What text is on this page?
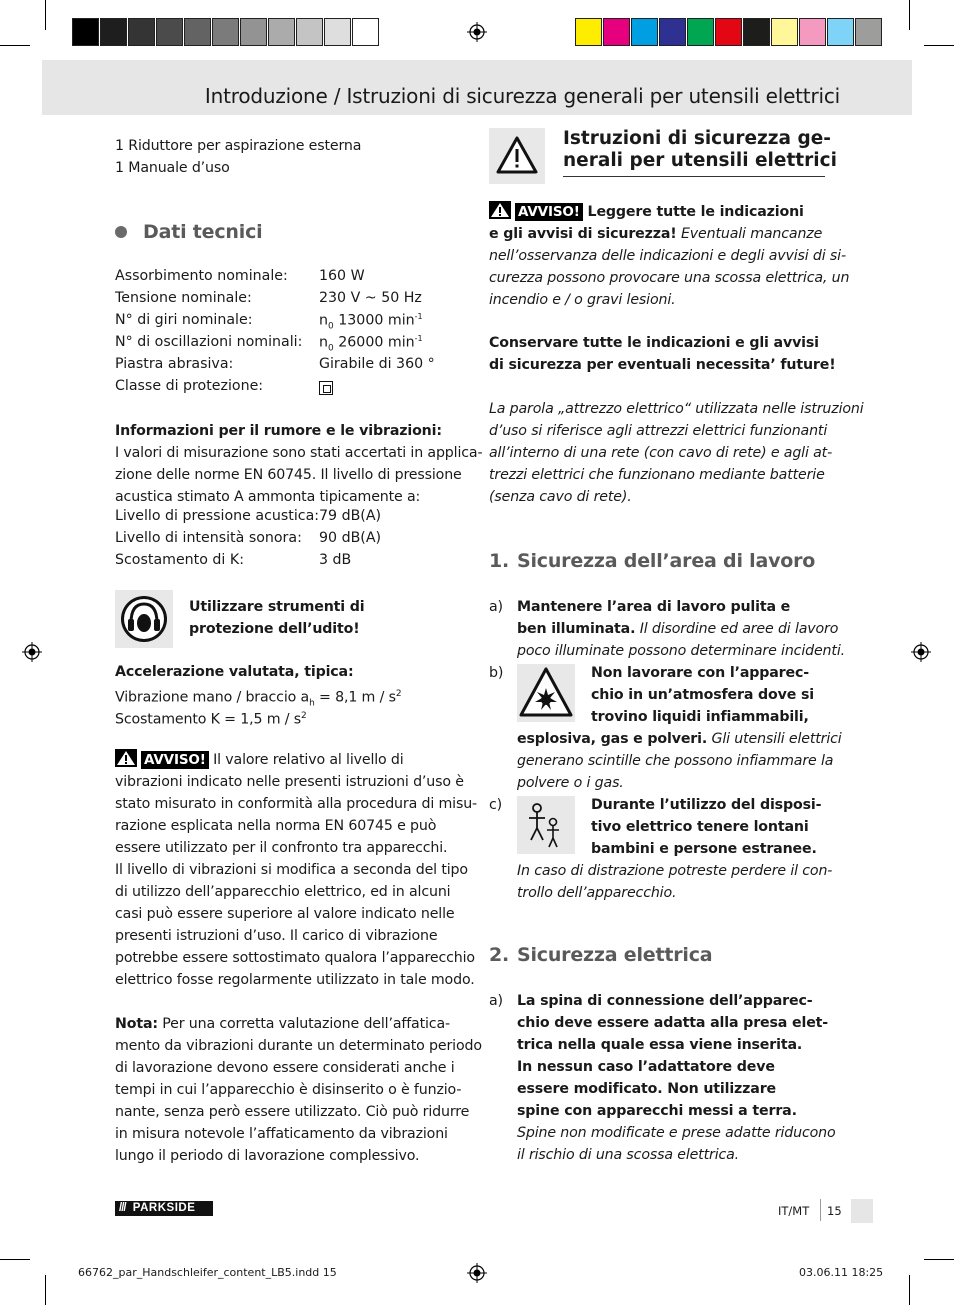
Introduzione / Istruzioni di sicurezza generali per utensili elettrici
1 Riduttore per aspirazione esterna
1 Manuale d’uso
Dati tecnici
Assorbimento nominale: 160 W
Tensione nominale:	230 V ~ 50 Hz
N° di giri nominale:	$n_0$ 13000 $\min^{-1}$
N° di oscillazioni nominali: $n_0$ 26000 $\min^{-1}$
Piastra abrasiva:	Girabile di 360 °
Classe di protezione:
Informazioni per il rumore e le vibrazioni:
I valori di misurazione sono stati accertati in applica-
zione delle norme EN 60745. Il livello di pressione
acustica stimato A ammonta tipicamente a:
Livello di pressione acustica: 79 dB(A)
Livello di intensità sonora: 90 dB(A)
Scostamento di K:	3 dB
Utilizzare strumenti di
protezione dell’udito!
Accelerazione valutata, tipica:
Vibrazione mano / braccio $a_h = 8,1$ m / $s^2$
Scostamento K = 1,5 m / $s^2$
AVVISO! Il valore relativo al livello di
vibrazioni indicato nelle presenti istruzioni d’uso è
stato misurato in conformità alla procedura di misu-
razione esplicata nella norma EN 60745 e può
essere utilizzato per il confronto tra apparecchi.
Il livello di vibrazioni si modifica a seconda del tipo
di utilizzo dell’apparecchio elettrico, ed in alcuni
casi può essere superiore al valore indicato nelle
presenti istruzioni d’uso. Il carico di vibrazione
potrebbe essere sottostimato qualora l’apparecchio
elettrico fosse regolarmente utilizzato in tale modo.
Nota: Per una corretta valutazione dell’affatica-
mento da vibrazioni durante un determinato periodo
di lavorazione devono essere considerati anche i
tempi in cui l’apparecchio è disinserito o è funzio-
nante, senza però essere utilizzato. Ciò può ridurre
in misura notevole l’affaticamento da vibrazioni
lungo il periodo di lavorazione complessivo.
Istruzioni di sicurezza ge-
nerali per utensili elettrici
AVVISO! Leggere tutte le indicazioni
e gli avvisi di sicurezza! Eventuali mancanze
nell’osservanza delle indicazioni e degli avvisi di si-
curezza possono provocare una scossa elettrica, un
incendio e / o gravi lesioni.
Conservare tutte le indicazioni e gli avvisi
di sicurezza per eventuali necessita’ future!
La parola „attrezzo elettrico“ utilizzata nelle istruzioni
d’uso si riferisce agli attrezzi elettrici funzionanti
all’interno di una rete (con cavo di rete) e agli at-
trezzi elettrici che funzionano mediante batterie
(senza cavo di rete).
1. Sicurezza dell’area di lavoro
a) Mantenere l’area di lavoro pulita e
ben illuminata. Il disordine ed aree di lavoro
poco illuminate possono determinare incidenti.
b)	Non lavorare con l’apparec-
chio in un’atmosfera dove si
trovino liquidi infiammabili,
esplosiva, gas e polveri. Gli utensili elettrici
generano scintille che possono infiammare la
polvere o i gas.
c)	Durante l’utilizzo del disposi-
tivo elettrico tenere lontani
bambini e persone estranee.
In caso di distrazione potreste perdere il con-
trollo dell’apparecchio.
2. Sicurezza elettrica
a) La spina di connessione dell’apparec-
chio deve essere adatta alla presa elet-
trica nella quale essa viene inserita.
In nessun caso l’adattatore deve
essere modificato. Non utilizzare
spine con apparecchi messi a terra.
Spine non modificate e prese adatte riducono
il rischio di una scossa elettrica.
/// PARKSIDE	IT/MT 15
66762_par_Handschleifer_content_LB5.indd 15	03.06.11 18:25
